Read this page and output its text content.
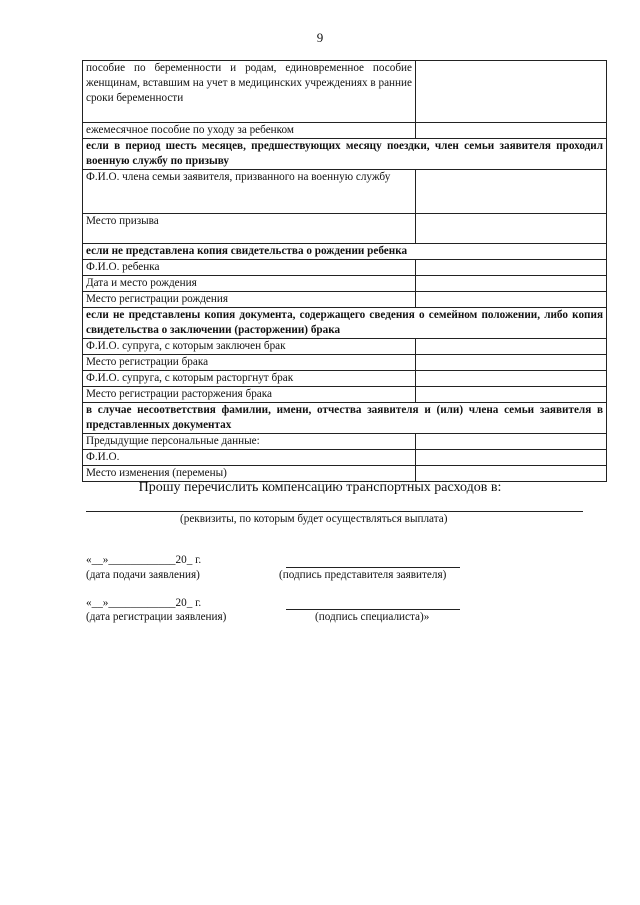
9
пособие по беременности и родам, единовременное пособие женщинам, вставшим на учет в медицинских учреждениях в ранние сроки беременности	
ежемесячное пособие по уходу за ребенком	
если в период шесть месяцев, предшествующих месяцу поездки, член семьи заявителя проходил военную службу по призыву	
Ф.И.О. члена семьи заявителя, призванного на военную службу	
Место призыва	
если не представлена копия свидетельства о рождении ребенка	
Ф.И.О. ребенка	
Дата и место рождения	
Место регистрации рождения	
если не представлены копия документа, содержащего сведения о семейном положении, либо копия свидетельства о заключении (расторжении) брака	
Ф.И.О. супруга, с которым заключен брак	
Место регистрации брака	
Ф.И.О. супруга, с которым расторгнут брак	
Место регистрации расторжения брака	
в случае несоответствия фамилии, имени, отчества заявителя и (или) члена семьи заявителя в представленных документах	
Предыдущие персональные данные:	
Ф.И.О.	
Место изменения (перемены)	
Прошу перечислить компенсацию транспортных расходов в:
(реквизиты, по которым будет осуществляться выплата)
«__»____________20_ г.
(дата подачи заявления)	(подпись представителя заявителя)
«__»____________20_ г.
(дата регистрации заявления)	(подпись специалиста)»
